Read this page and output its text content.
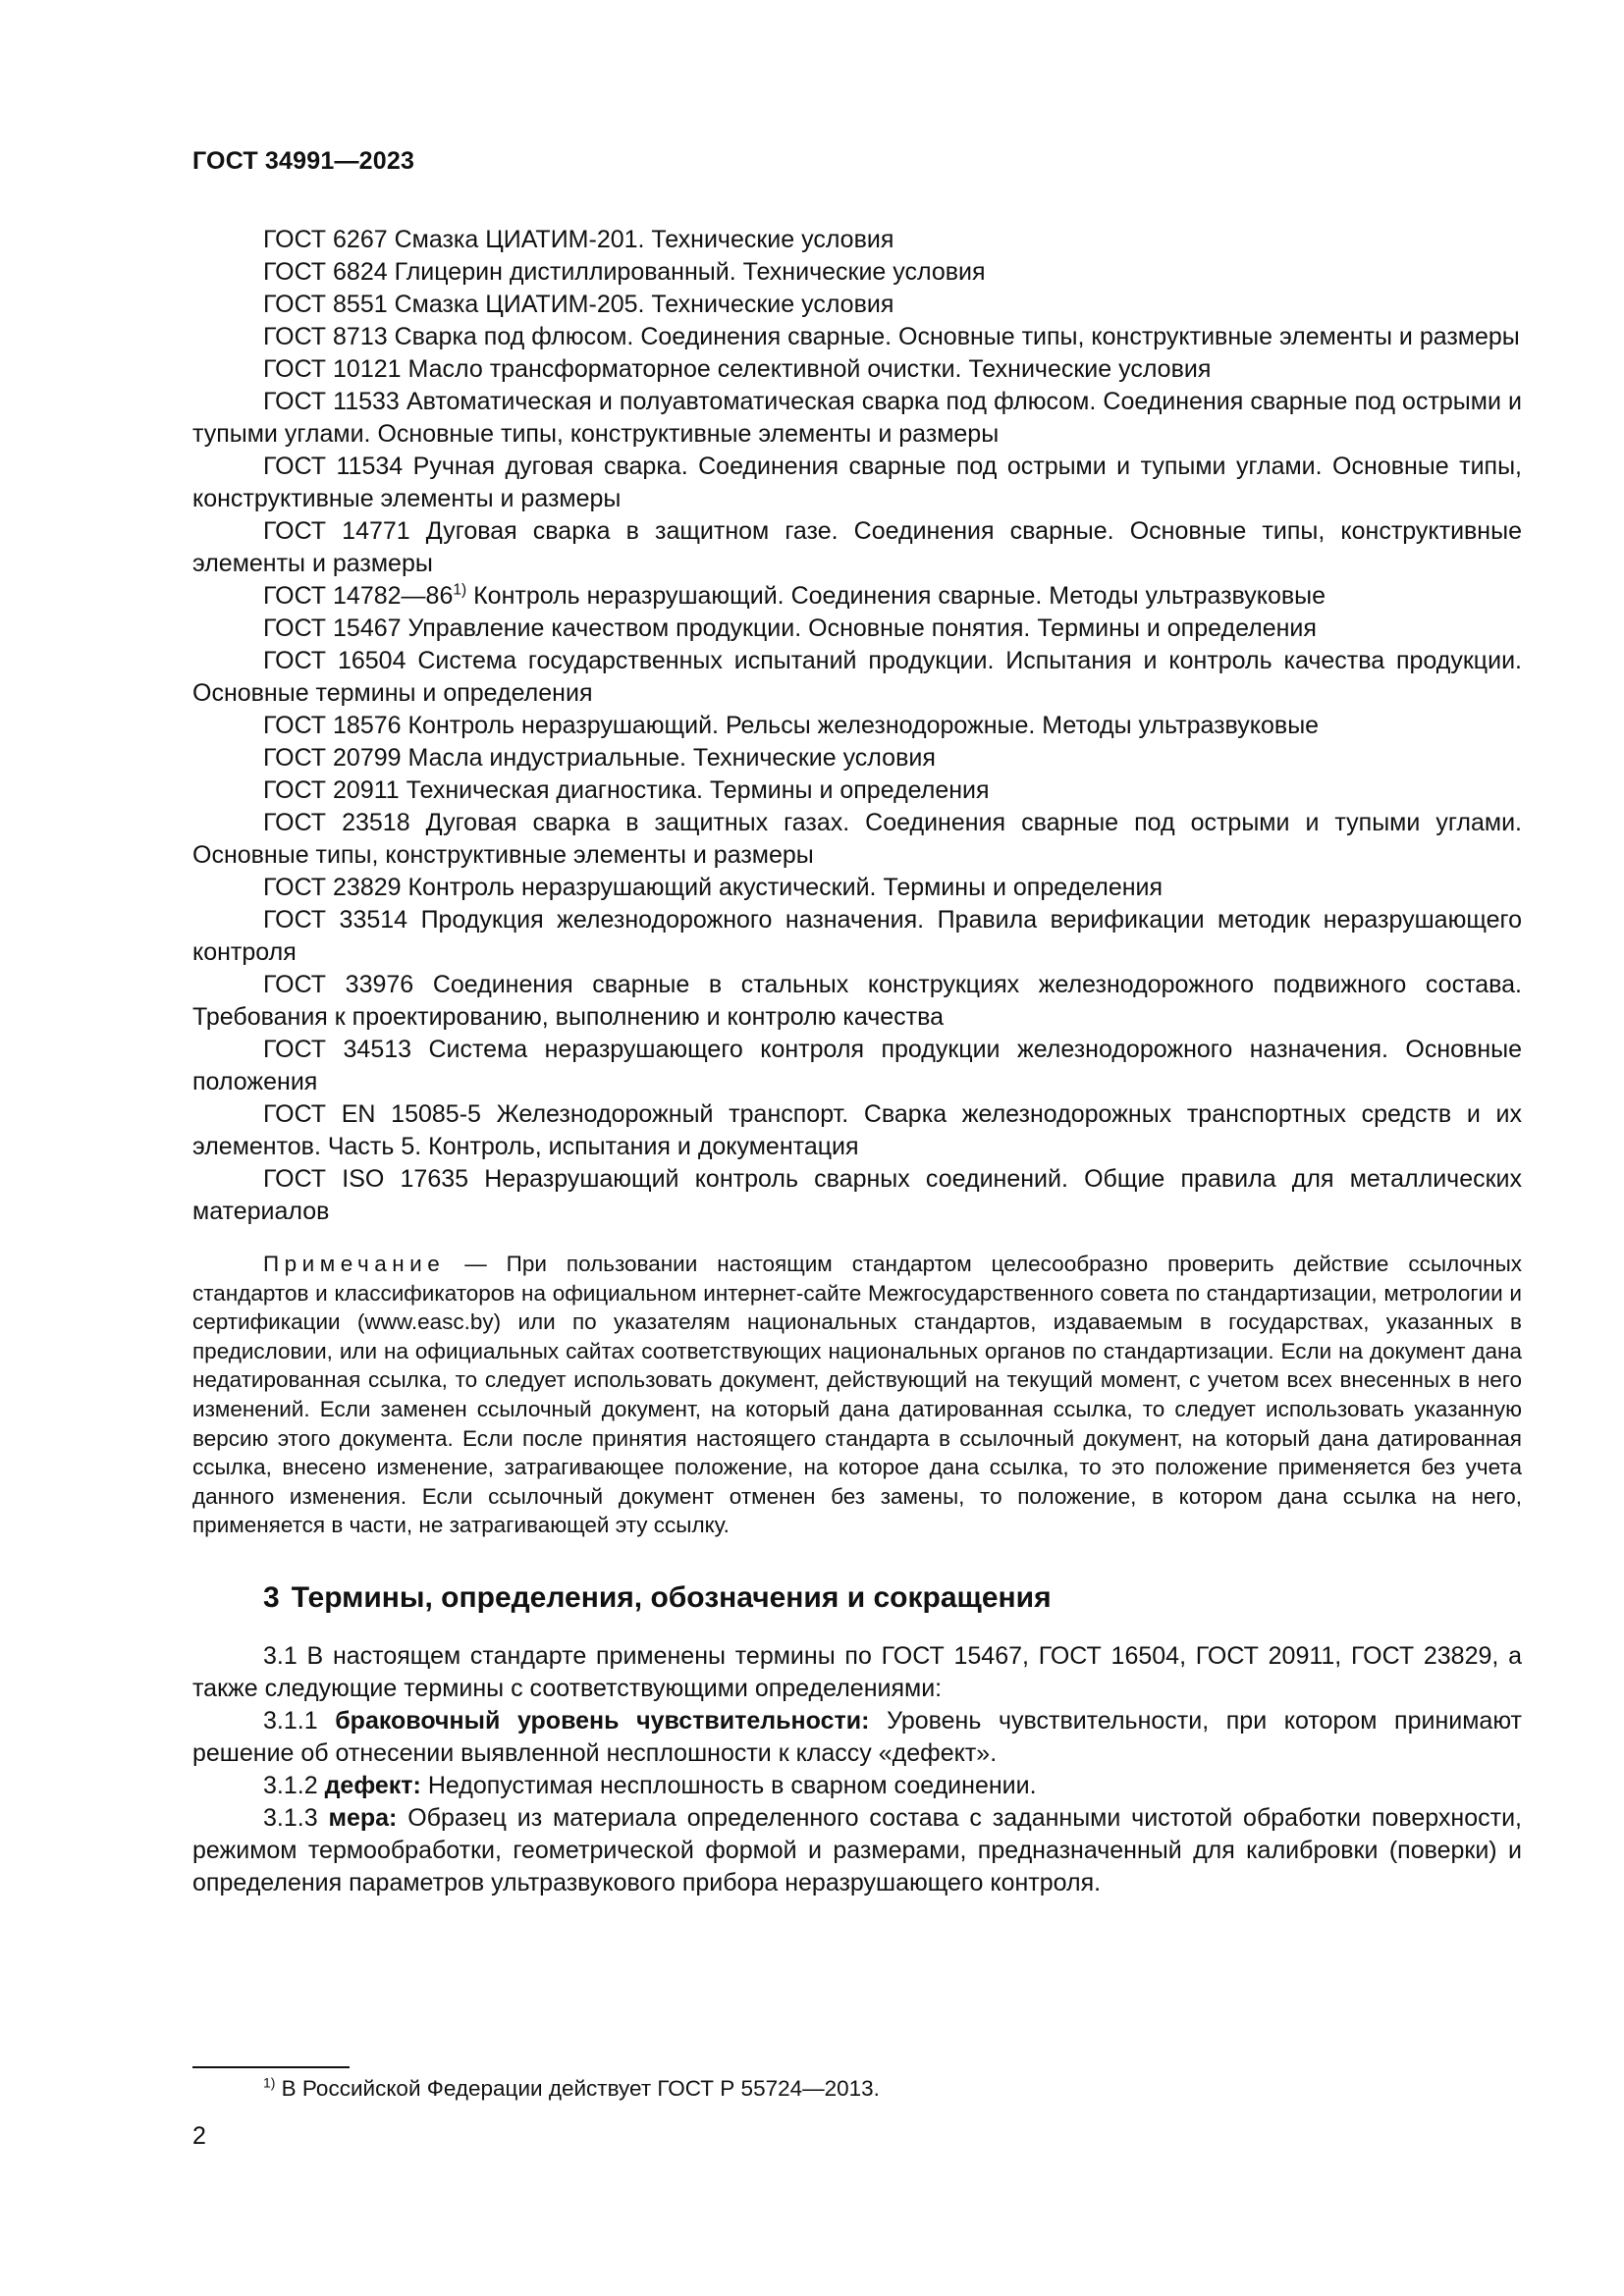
ГОСТ 34991—2023

ГОСТ 6267 Смазка ЦИАТИМ-201. Технические условия

ГОСТ 6824 Глицерин дистиллированный. Технические условия

ГОСТ 8551 Смазка ЦИАТИМ-205. Технические условия

ГОСТ 8713 Сварка под флюсом. Соединения сварные. Основные типы, конструктивные элементы и размеры

ГОСТ 10121 Масло трансформаторное селективной очистки. Технические условия

ГОСТ 11533 Автоматическая и полуавтоматическая сварка под флюсом. Соединения сварные под острыми и тупыми углами. Основные типы, конструктивные элементы и размеры

ГОСТ 11534 Ручная дуговая сварка. Соединения сварные под острыми и тупыми углами. Основные типы, конструктивные элементы и размеры

ГОСТ 14771 Дуговая сварка в защитном газе. Соединения сварные. Основные типы, конструктивные элементы и размеры

ГОСТ 14782—86$^{1)}$ Контроль неразрушающий. Соединения сварные. Методы ультразвуковые

ГОСТ 15467 Управление качеством продукции. Основные понятия. Термины и определения

ГОСТ 16504 Система государственных испытаний продукции. Испытания и контроль качества продукции. Основные термины и определения

ГОСТ 18576 Контроль неразрушающий. Рельсы железнодорожные. Методы ультразвуковые

ГОСТ 20799 Масла индустриальные. Технические условия

ГОСТ 20911 Техническая диагностика. Термины и определения

ГОСТ 23518 Дуговая сварка в защитных газах. Соединения сварные под острыми и тупыми углами. Основные типы, конструктивные элементы и размеры

ГОСТ 23829 Контроль неразрушающий акустический. Термины и определения

ГОСТ 33514 Продукция железнодорожного назначения. Правила верификации методик неразрушающего контроля

ГОСТ 33976 Соединения сварные в стальных конструкциях железнодорожного подвижного состава. Требования к проектированию, выполнению и контролю качества

ГОСТ 34513 Система неразрушающего контроля продукции железнодорожного назначения. Основные положения

ГОСТ EN 15085-5 Железнодорожный транспорт. Сварка железнодорожных транспортных средств и их элементов. Часть 5. Контроль, испытания и документация

ГОСТ ISO 17635 Неразрушающий контроль сварных соединений. Общие правила для металлических материалов

Примечание — При пользовании настоящим стандартом целесообразно проверить действие ссылочных стандартов и классификаторов на официальном интернет-сайте Межгосударственного совета по стандартизации, метрологии и сертификации (www.easc.by) или по указателям национальных стандартов, издаваемым в государствах, указанных в предисловии, или на официальных сайтах соответствующих национальных органов по стандартизации. Если на документ дана недатированная ссылка, то следует использовать документ, действующий на текущий момент, с учетом всех внесенных в него изменений. Если заменен ссылочный документ, на который дана датированная ссылка, то следует использовать указанную версию этого документа. Если после принятия настоящего стандарта в ссылочный документ, на который дана датированная ссылка, внесено изменение, затрагивающее положение, на которое дана ссылка, то это положение применяется без учета данного изменения. Если ссылочный документ отменен без замены, то положение, в котором дана ссылка на него, применяется в части, не затрагивающей эту ссылку.

3 Термины, определения, обозначения и сокращения

3.1 В настоящем стандарте применены термины по ГОСТ 15467, ГОСТ 16504, ГОСТ 20911, ГОСТ 23829, а также следующие термины с соответствующими определениями:

3.1.1 браковочный уровень чувствительности: Уровень чувствительности, при котором принимают решение об отнесении выявленной несплошности к классу «дефект».

3.1.2 дефект: Недопустимая несплошность в сварном соединении.

3.1.3 мера: Образец из материала определенного состава с заданными чистотой обработки поверхности, режимом термообработки, геометрической формой и размерами, предназначенный для калибровки (поверки) и определения параметров ультразвукового прибора неразрушающего контроля.

$^{1)}$ В Российской Федерации действует ГОСТ Р 55724—2013.
2
